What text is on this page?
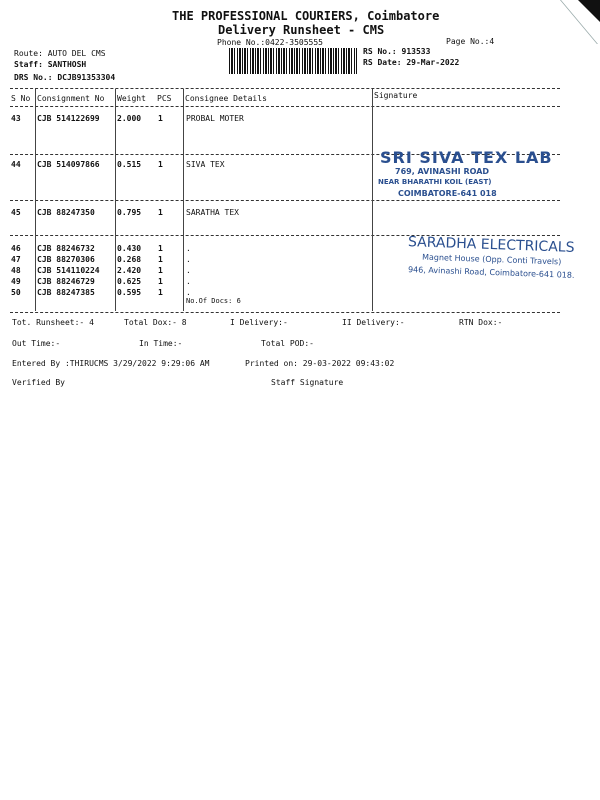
THE PROFESSIONAL COURIERS, Coimbatore
Delivery Runsheet - CMS
Phone No.:0422-3505555	Page No.:4
Route: AUTO DEL CMS
Staff: SANTHOSH
DRS No.: DCJB91353304
RS No.: 913533
RS Date: 29-Mar-2022
S No Consignment No Weight PCS Consignee Details	Signature
43 CJB 514122699 2.000 1	PROBAL MOTER
44 CJB 514097866 0.515 1	SIVA TEX
45 CJB 88247350	0.795 1	SARATHA TEX
46 CJB 88246732	0.430 1	.
47 CJB 88270306	0.268 1	.
48 CJB 514110224 2.420 1	.
49 CJB 88246729	0.625 1	.
50 CJB 88247385	0.595 1	.
No.Of Docs: 6
SRI SIVA TEX LAB
769, AVINASHI ROAD
NEAR BHARATHI KOIL (EAST)
COIMBATORE-641 018
SARADHA ELECTRICALS
Magnet House (Opp. Conti Travels)
946, Avinashi Road, Coimbatore-641 018.
Tot. Runsheet:- 4	Total Dox:- 8	I Delivery:-	II Delivery:-	RTN Dox:-
Out Time:-	In Time:-	Total POD:-
Entered By :THIRUCMS 3/29/2022 9:29:06 AM	Printed on: 29-03-2022 09:43:02
Verified By	Staff Signature
